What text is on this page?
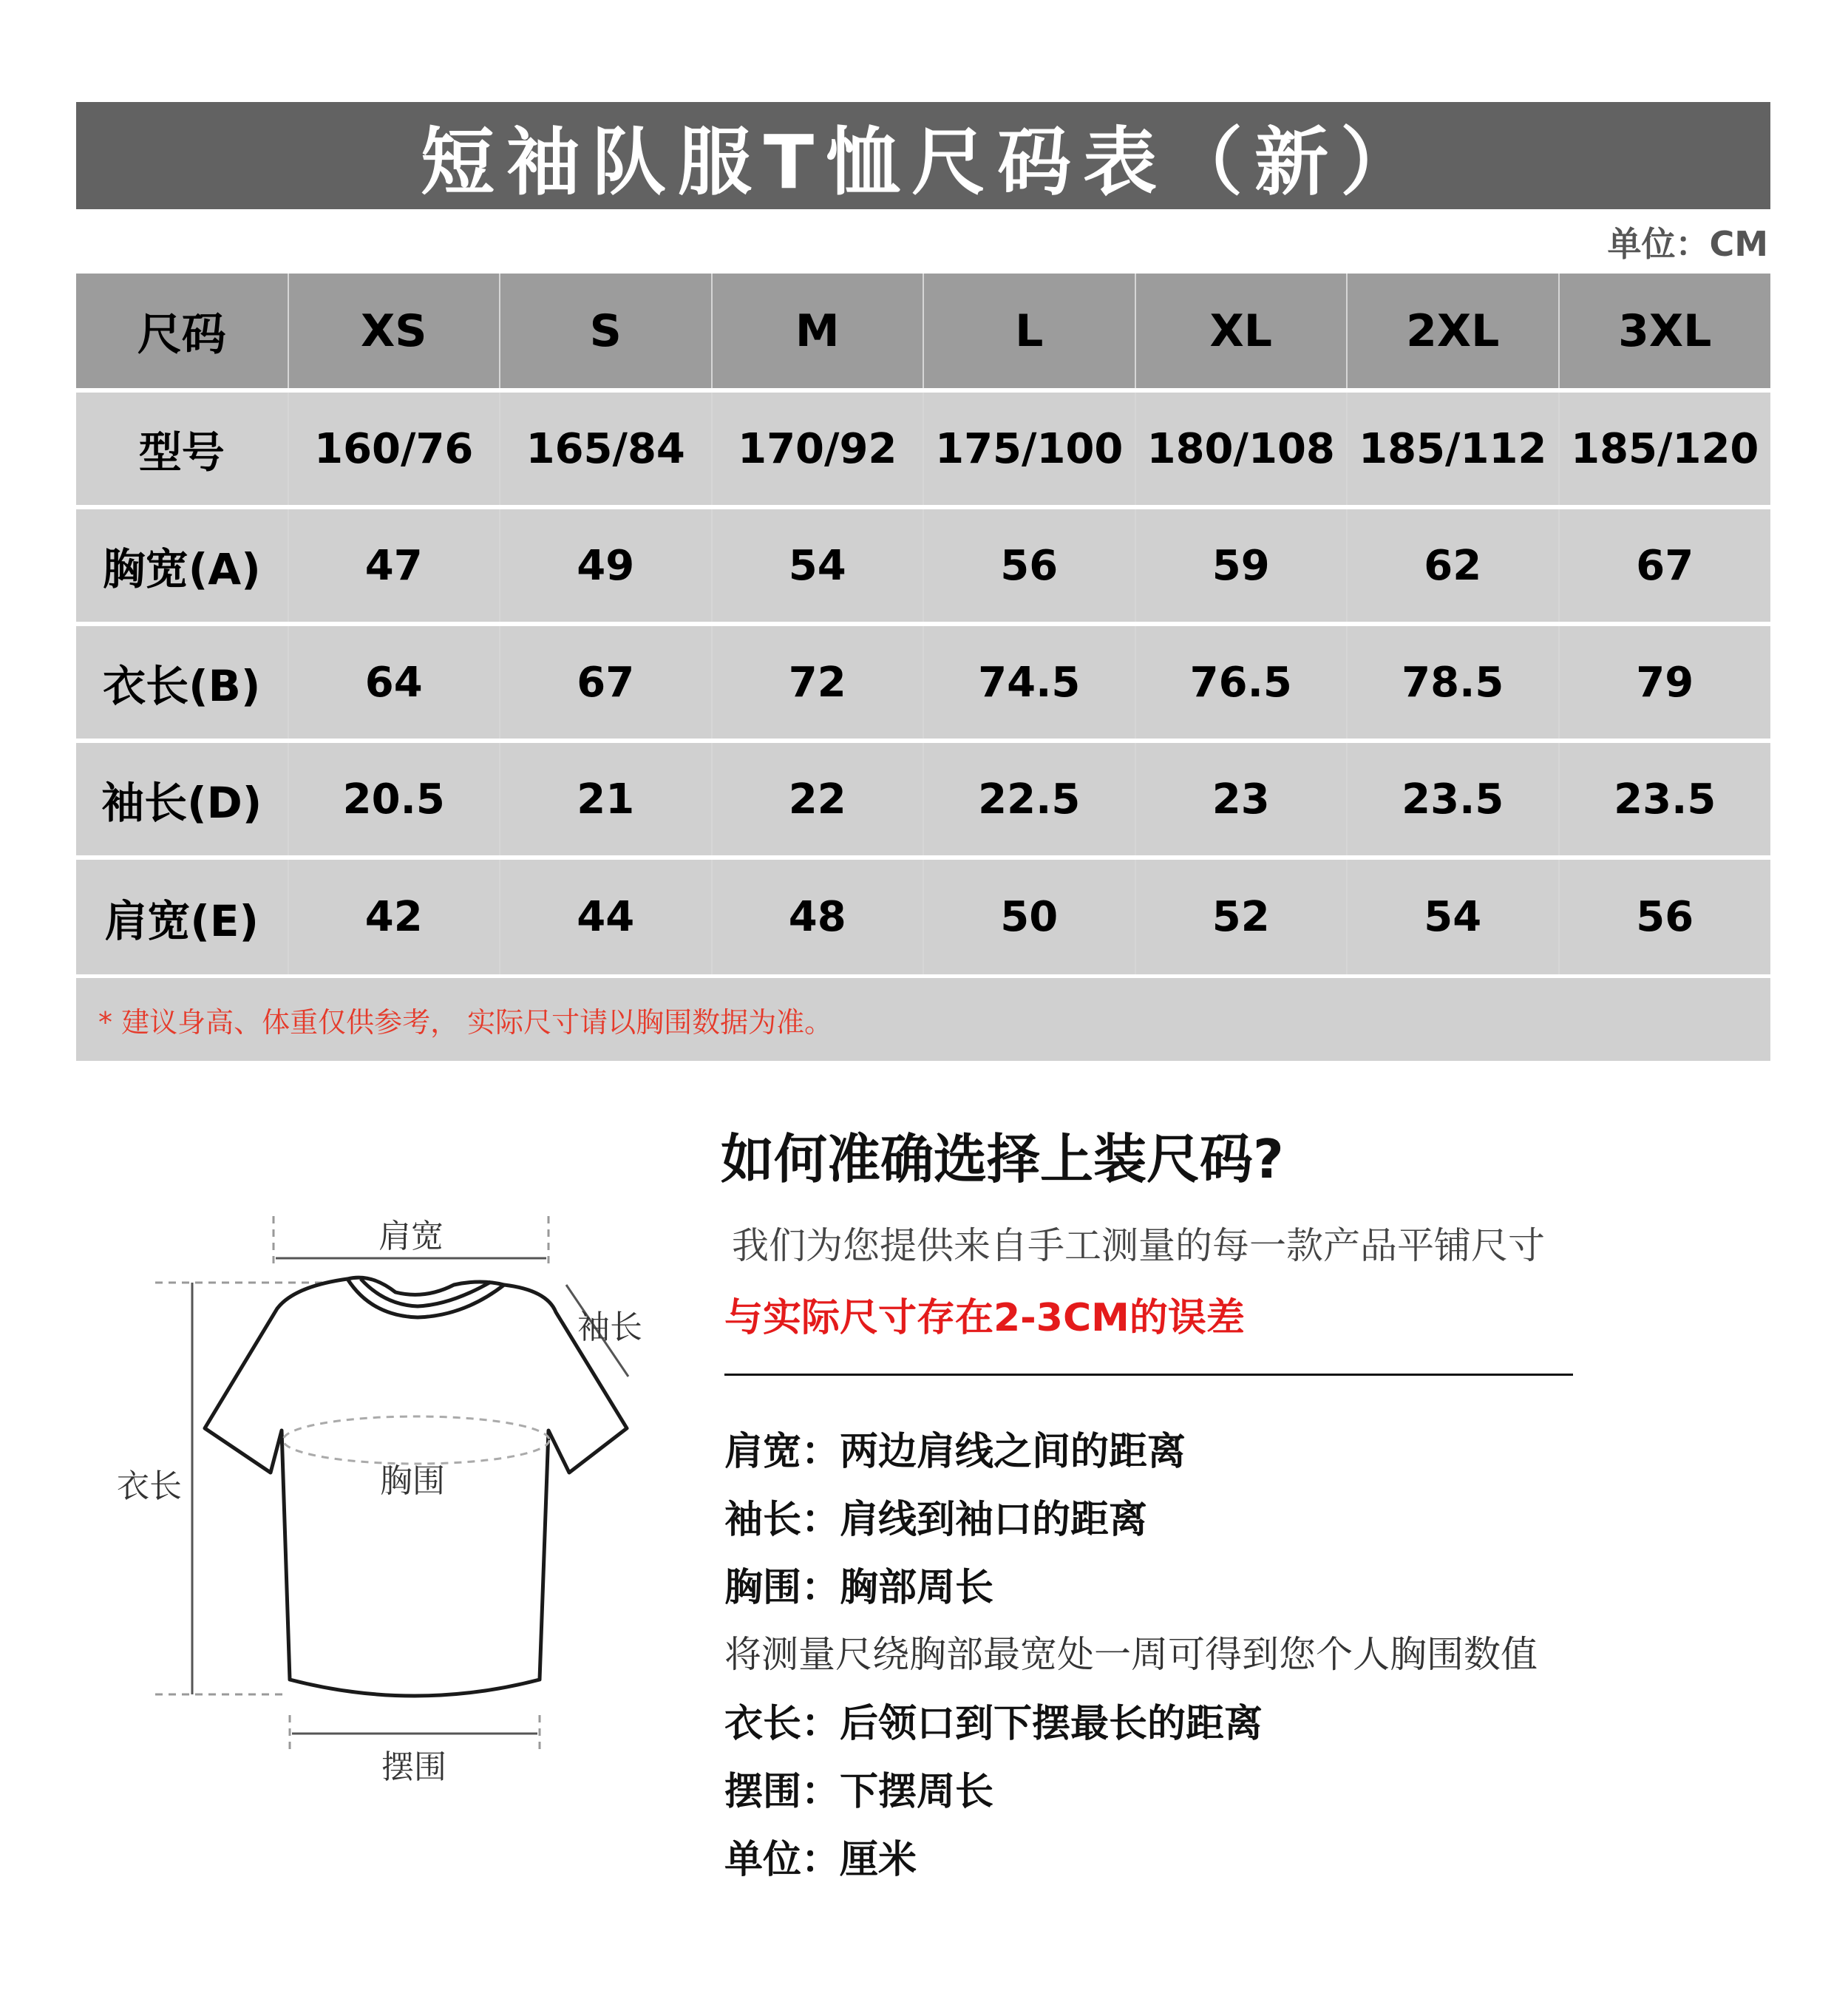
短袖队服T恤尺码表（新）
单位：CM
尺码	XS	S	M	L	XL	2XL	3XL
型号	160/76	165/84	170/92	175/100	180/108	185/112	185/120
胸宽(A)	47	49	54	56	59	62	67
衣长(B)	64	67	72	74.5	76.5	78.5	79
袖长(D)	20.5	21	22	22.5	23	23.5	23.5
肩宽(E)	42	44	48	50	52	54	56
* 建议身高、体重仅供参考， 实际尺寸请以胸围数据为准。
肩宽
袖长
衣长	胸围
摆围
如何准确选择上装尺码?
我们为您提供来自手工测量的每一款产品平铺尺寸
与实际尺寸存在2-3CM的误差
肩宽：两边肩线之间的距离
袖长：肩线到袖口的距离
胸围：胸部周长
将测量尺绕胸部最宽处一周可得到您个人胸围数值
衣长：后领口到下摆最长的距离
摆围：下摆周长
单位：厘米
